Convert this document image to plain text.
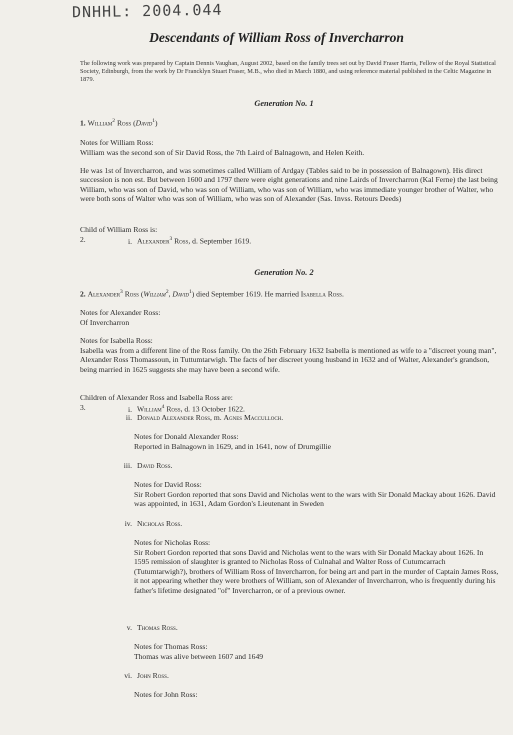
DNHHL: 2004.044
Descendants of William Ross of Invercharron
The following work was prepared by Captain Dennis Vaughan, August 2002, based on the family trees set out by David Fraser Harris, Fellow of the Royal Statistical Society, Edinburgh, from the work by Dr Francklyn Stuart Fraser, M.B., who died in March 1880, and using reference material published in the Celtic Magazine in 1879.
Generation No. 1
1. William$^2$ Ross (David$^1$)
Notes for William Ross:
William was the second son of Sir David Ross, the 7th Laird of Balnagown, and Helen Keith.
He was 1st of Invercharron, and was sometimes called William of Ardgay (Tables said to be in possession of Balnagown). His direct succession is non est. But between 1600 and 1797 there were eight generations and nine Lairds of Invercharron (Kal Ferne) the last being William, who was son of David, who was son of William, who was son of William, who was immediate younger brother of Walter, who were both sons of Walter who was son of William, who was son of Alexander (Sas. Invss. Retours Deeds)
Child of William Ross is:
2.	i. Alexander$^3$ Ross, d. September 1619.
Generation No. 2
2. Alexander$^3$ Ross (William$^2$, David$^1$) died September 1619. He married Isabella Ross.
Notes for Alexander Ross:
Of Invercharron
Notes for Isabella Ross:
Isabella was from a different line of the Ross family. On the 26th February 1632 Isabella is mentioned as wife to a "discreet young man", Alexander Ross Thomassoun, in Tuttumtarwigh. The facts of her discreet young husband in 1632 and of Walter, Alexander's grandson, being married in 1625 suggests she may have been a second wife.
Children of Alexander Ross and Isabella Ross are:
3.	i. William$^4$ Ross, d. 13 October 1622.
ii. Donald Alexander Ross, m. Agnes Macculloch.
Notes for Donald Alexander Ross:
Reported in Balnagown in 1629, and in 1641, now of Drumgillie
iii. David Ross.
Notes for David Ross:
Sir Robert Gordon reported that sons David and Nicholas went to the wars with Sir Donald Mackay about 1626. David was appointed, in 1631, Adam Gordon's Lieutenant in Sweden
iv. Nicholas Ross.
Notes for Nicholas Ross:
Sir Robert Gordon reported that sons David and Nicholas went to the wars with Sir Donald Mackay about 1626. In 1595 remission of slaughter is granted to Nicholas Ross of Culnahal and Walter Ross of Cutumcarrach (Tutumtarwigh?), brothers of William Ross of Invercharron, for being art and part in the murder of Captain James Ross, it not appearing whether they were brothers of William, son of Alexander of Invercharron, who is frequently during his father's lifetime designated "of" Invercharron, or of a previous owner.
v. Thomas Ross.
Notes for Thomas Ross:
Thomas was alive between 1607 and 1649
vi. John Ross.
Notes for John Ross:
